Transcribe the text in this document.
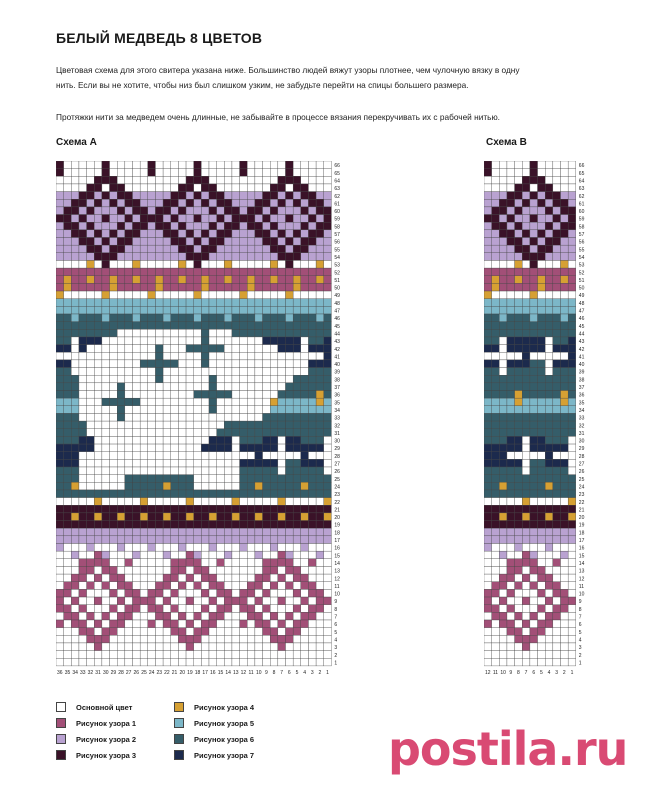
БЕЛЫЙ МЕДВЕДЬ 8 ЦВЕТОВ
Цветовая схема для этого свитера указана ниже. Большинство людей вяжут узоры плотнее, чем чулочную вязку в одну нить. Если вы не хотите, чтобы низ был слишком узким, не забудьте перейти на спицы большего размера.
Протяжки нити за медведем очень длинные, не забывайте в процессе вязания перекручивать их с рабочей нитью.
Схема А	Схема B
1
2
3
4
5
6
7
8
9
10
11
12
13
14
15
16
17
18
19
20
21
22
23
24
25
26
27
28
29
30
31
32
33
34
35
36
37
38
39
40
41
42
43
44
45
46
47
48
49
50
51
52
53
54
55
56
57
58
59
60
61
62
63
64
65
66
36 35 34 33 32 31 30 29 28 27 26 25 24 23 22 21 20 19 18 17 16 15 14 13 12 11 10 9 8 7 6 5 4 3 2 1
1
2
3
4
5
6
7
8
9
10
11
12
13
14
15
16
17
18
19
20
21
22
23
24
25
26
27
28
29
30
31
32
33
34
35
36
37
38
39
40
41
42
43
44
45
46
47
48
49
50
51
52
53
54
55
56
57
58
59
60
61
62
63
64
65
66
12 11 10 9 8 7 6 5 4 3 2 1
Основной цвет
Рисунок узора 1
Рисунок узора 2
Рисунок узора 3
Рисунок узора 4
Рисунок узора 5
Рисунок узора 6
Рисунок узора 7	postila.ru
